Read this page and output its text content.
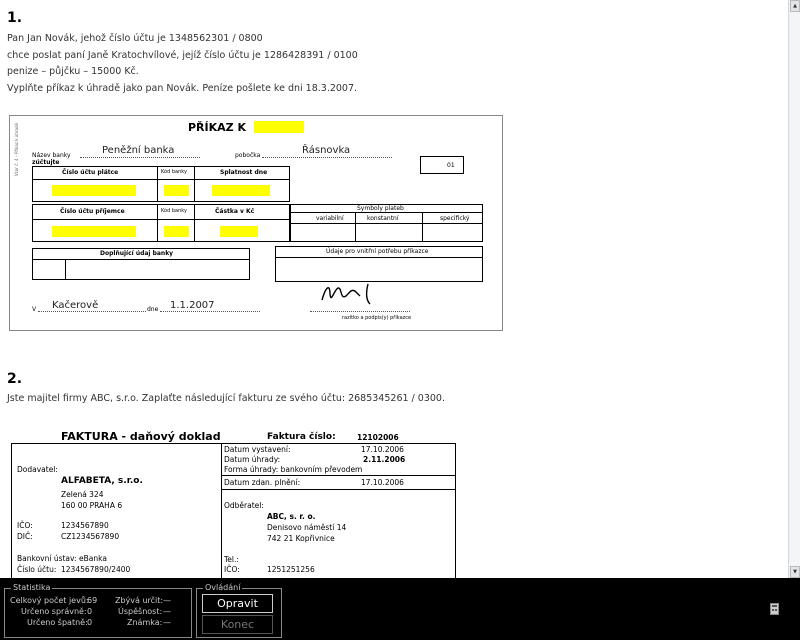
1.
Pan Jan Novák, jehož číslo účtu je 1348562301 / 0800
chce poslat paní Janě Kratochvílové, jejíž číslo účtu je 1286428391 / 0100
penize – půjčku – 15000 Kč.
Vyplňte příkaz k úhradě jako pan Novák. Peníze pošlete ke dni 18.3.2007.
Vzor č. 4 – Příkaz k úhradě	PŘÍKAZ K
Název banky	Peněžní banka	pobočka	Řásnovka
zúčtujte	01
Číslo účtu plátce	Kód banky	Splatnost dne
Číslo účtu příjemce	Kód banky	Částka v Kč	Symboly plateb
variabilní	konstantní	specifický
Doplňující údaj banky	Údaje pro vnitřní potřebu příkazce
V Kačerově	dne 1.1.2007
razítko a podpis(y) příkazce
2.
Jste majitel firmy ABC, s.r.o. Zaplaťte následující fakturu ze svého účtu: 2685345261 / 0300.
FAKTURA - daňový doklad	Faktura číslo:	12102006
Dodavatel:
ALFABETA, s.r.o.
Zelená 324
160 00 PRAHA 6
IČO:	1234567890
DIČ:	CZ1234567890
Bankovní ústav: eBanka
Číslo účtu: 1234567890/2400
Datum vystavení:	17.10.2006
Datum úhrady:	2.11.2006
Forma úhrady: bankovním převodem
Datum zdan. plnění:	17.10.2006
Odběratel:
ABC, s. r. o.
Denisovo náměstí 14
742 21 Kopřivnice
Tel.:
IČO:	1251251256
▲
▼
Statistika
Celkový počet jevů:
69
Určeno správně: 0
Určeno špatně: 0
Zbývá určit: —
Úspěšnost: —
Známka: —
Ovládání
Opravit
Konec
